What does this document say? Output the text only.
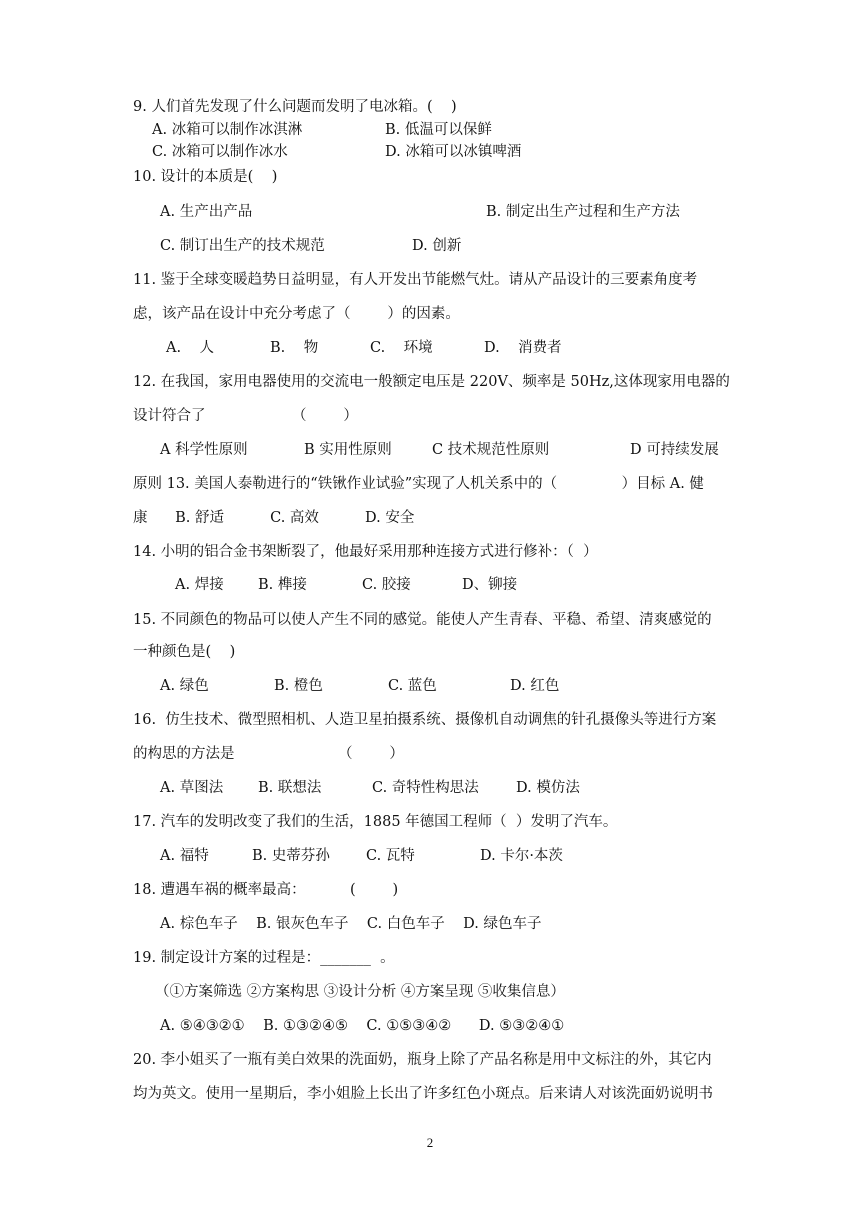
9. 人们首先发现了什么问题而发明了电冰箱。(    )
A. 冰箱可以制作冰淇淋	B. 低温可以保鲜
C. 冰箱可以制作冰水	D. 冰箱可以冰镇啤酒
10. 设计的本质是(    )
A. 生产出产品	B. 制定出生产过程和生产方法
C. 制订出生产的技术规范	D. 创新
11. 鉴于全球变暖趋势日益明显，有人开发出节能燃气灶。请从产品设计的三要素角度考
虑，该产品在设计中充分考虑了（        ）的因素。
A.    人	B.    物	C.    环境	D.    消费者
12. 在我国，家用电器使用的交流电一般额定电压是 220V、频率是 50Hz,这体现家用电器的
设计符合了	（        ）
A 科学性原则	B 实用性原则	C 技术规范性原则	D 可持续发展
原则 13. 美国人泰勒进行的“铁锹作业试验”实现了人机关系中的（              ）目标 A. 健
康      B. 舒适          C. 高效          D. 安全
14. 小明的铝合金书架断裂了，他最好采用那种连接方式进行修补：（  ）
A. 焊接 B. 榫接	C. 胶接	D、铆接
15. 不同颜色的物品可以使人产生不同的感觉。能使人产生青春、平稳、希望、清爽感觉的
一种颜色是(    )
A. 绿色	B. 橙色	C. 蓝色	D. 红色
16.  仿生技术、微型照相机、人造卫星拍摄系统、摄像机自动调焦的针孔摄像头等进行方案
的构思的方法是	（        ）
A. 草图法 B. 联想法	C. 奇特性构思法	D. 模仿法
17. 汽车的发明改变了我们的生活，1885 年德国工程师（  ）发明了汽车。
A. 福特	B. 史蒂芬孙 C. 瓦特	D. 卡尔·本茨
18. 遭遇车祸的概率最高：	(        )
A. 棕色车子    B. 银灰色车子    C. 白色车子    D. 绿色车子
19. 制定设计方案的过程是：_______  。
（①方案筛选 ②方案构思 ③设计分析 ④方案呈现 ⑤收集信息）
A. ⑤④③②①    B. ①③②④⑤    C. ①⑤③④②      D. ⑤③②④①
20. 李小姐买了一瓶有美白效果的洗面奶，瓶身上除了产品名称是用中文标注的外，其它内
均为英文。使用一星期后，李小姐脸上长出了许多红色小斑点。后来请人对该洗面奶说明书
2
